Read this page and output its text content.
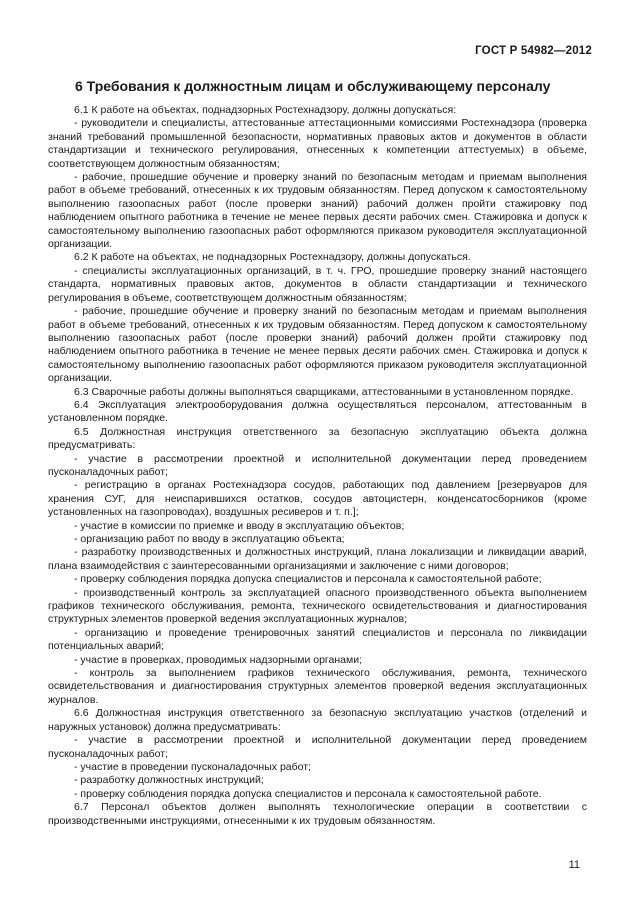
ГОСТ Р 54982—2012
6 Требования к должностным лицам и обслуживающему персоналу

6.1 К работе на объектах, поднадзорных Ростехнадзору, должны допускаться:

- руководители и специалисты, аттестованные аттестационными комиссиями Ростехнадзора (проверка знаний требований промышленной безопасности, нормативных правовых актов и документов в области стандартизации и технического регулирования, отнесенных к компетенции аттестуемых) в объеме, соответствующем должностным обязанностям;

- рабочие, прошедшие обучение и проверку знаний по безопасным методам и приемам выполнения работ в объеме требований, отнесенных к их трудовым обязанностям. Перед допуском к самостоятельному выполнению газоопасных работ (после проверки знаний) рабочий должен пройти стажировку под наблюдением опытного работника в течение не менее первых десяти рабочих смен. Стажировка и допуск к самостоятельному выполнению газоопасных работ оформляются приказом руководителя эксплуатационной организации.

6.2 К работе на объектах, не поднадзорных Ростехнадзору, должны допускаться.

- специалисты эксплуатационных организаций, в т. ч. ГРО, прошедшие проверку знаний настоящего стандарта, нормативных правовых актов, документов в области стандартизации и технического регулирования в объеме, соответствующем должностным обязанностям;

- рабочие, прошедшие обучение и проверку знаний по безопасным методам и приемам выполнения работ в объеме требований, отнесенных к их трудовым обязанностям. Перед допуском к самостоятельному выполнению газоопасных работ (после проверки знаний) рабочий должен пройти стажировку под наблюдением опытного работника в течение не менее первых десяти рабочих смен. Стажировка и допуск к самостоятельному выполнению газоопасных работ оформляются приказом руководителя эксплуатационной организации.

6.3 Сварочные работы должны выполняться сварщиками, аттестованными в установленном порядке.

6.4 Эксплуатация электрооборудования должна осуществляться персоналом, аттестованным в установленном порядке.

6.5 Должностная инструкция ответственного за безопасную эксплуатацию объекта должна предусматривать:

- участие в рассмотрении проектной и исполнительной документации перед проведением пусконаладочных работ;

- регистрацию в органах Ростехнадзора сосудов, работающих под давлением [резервуаров для хранения СУГ, для неиспарившихся остатков, сосудов автоцистерн, конденсатосборников (кроме установленных на газопроводах), воздушных ресиверов и т. п.];

- участие в комиссии по приемке и вводу в эксплуатацию объектов;

- организацию работ по вводу в эксплуатацию объекта;

- разработку производственных и должностных инструкций, плана локализации и ликвидации аварий, плана взаимодействия с заинтересованными организациями и заключение с ними договоров;

- проверку соблюдения порядка допуска специалистов и персонала к самостоятельной работе;

- производственный контроль за эксплуатацией опасного производственного объекта выполнением графиков технического обслуживания, ремонта, технического освидетельствования и диагностирования структурных элементов проверкой ведения эксплуатационных журналов;

- организацию и проведение тренировочных занятий специалистов и персонала по ликвидации потенциальных аварий;

- участие в проверках, проводимых надзорными органами;

- контроль за выполнением графиков технического обслуживания, ремонта, технического освидетельствования и диагностирования структурных элементов проверкой ведения эксплуатационных журналов.

6.6 Должностная инструкция ответственного за безопасную эксплуатацию участков (отделений и наружных установок) должна предусматривать:

- участие в рассмотрении проектной и исполнительной документации перед проведением пусконаладочных работ;

- участие в проведении пусконаладочных работ;

- разработку должностных инструкций;

- проверку соблюдения порядка допуска специалистов и персонала к самостоятельной работе.

6.7 Персонал объектов должен выполнять технологические операции в соответствии с производственными инструкциями, отнесенными к их трудовым обязанностям.

11
